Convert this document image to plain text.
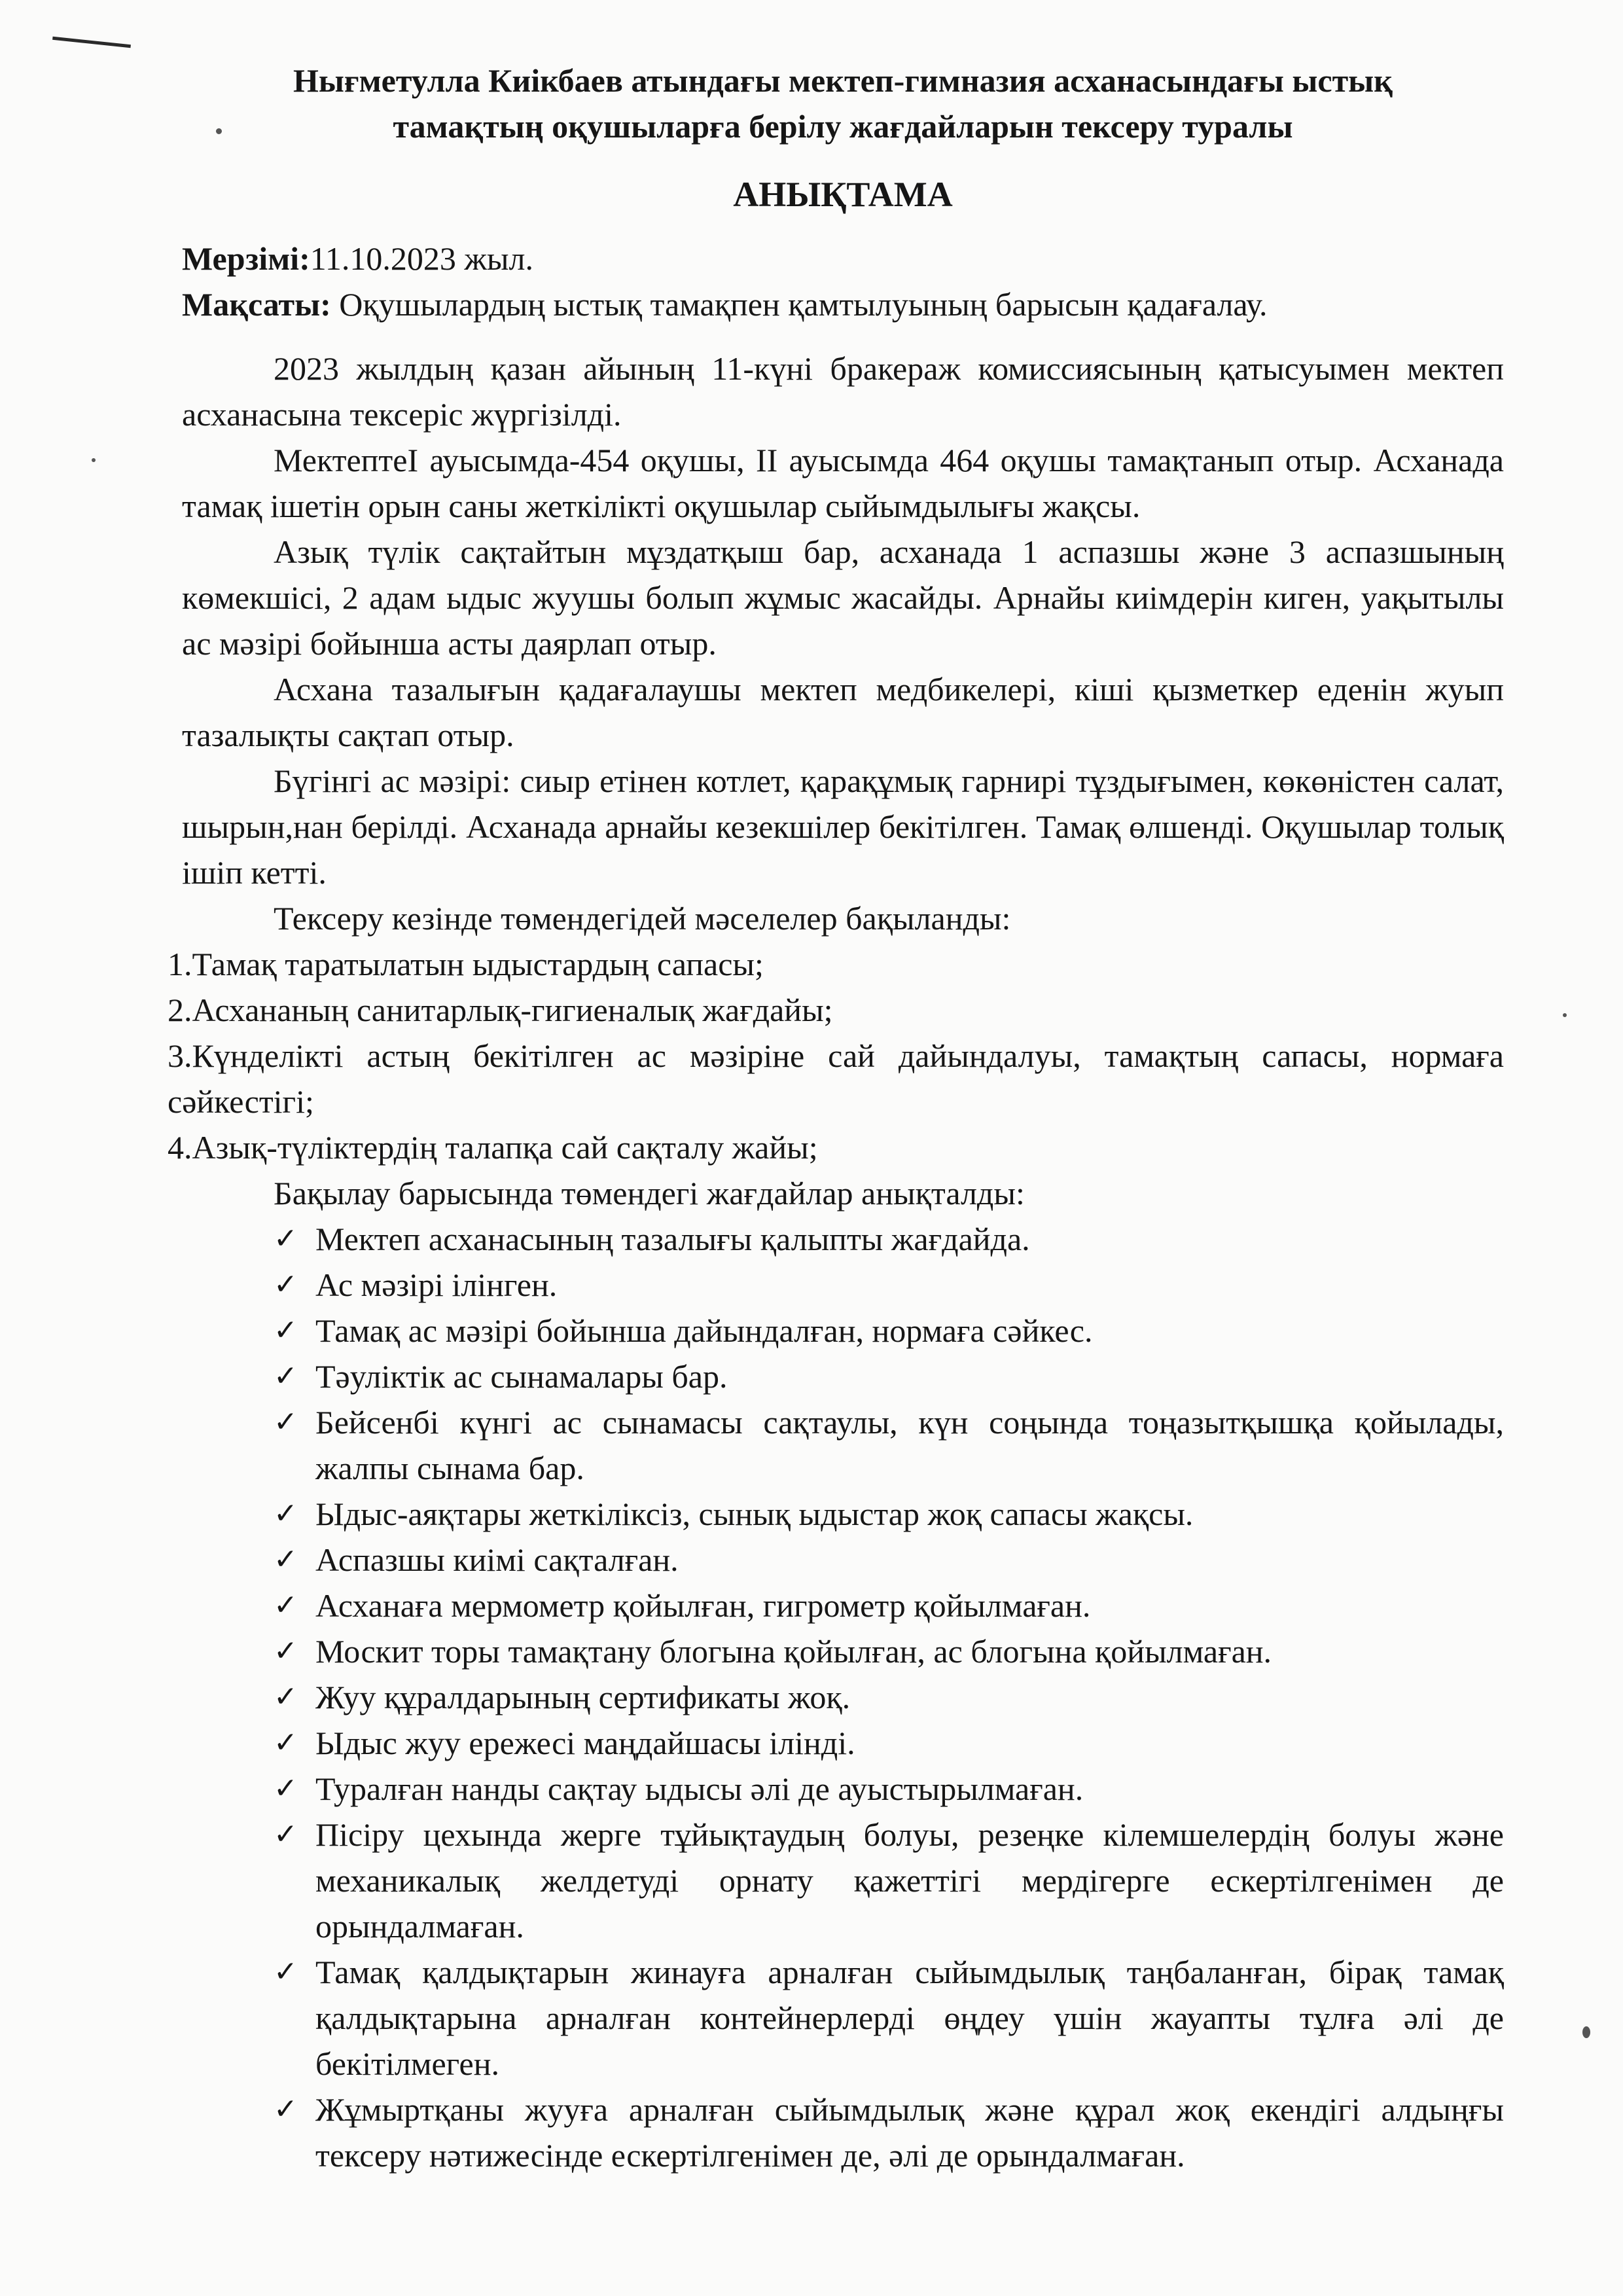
Нығметулла Киікбаев атындағы мектеп-гимназия асханасындағы ыстық
тамақтың оқушыларға берілу жағдайларын тексеру туралы

АНЫҚТАМА

Мерзімі:11.10.2023 жыл.

Мақсаты: Оқушылардың ыстық тамақпен қамтылуының барысын қадағалау.

2023 жылдың қазан айының 11-күні бракераж комиссиясының қатысуымен мектеп асханасына тексеріс жүргізілді.

МектептеІ ауысымда-454 оқушы, ІІ ауысымда 464 оқушы тамақтанып отыр. Асханада тамақ ішетін орын саны жеткілікті оқушылар сыйымдылығы жақсы.

Азық түлік сақтайтын мұздатқыш бар, асханада 1 аспазшы және 3 аспазшының көмекшісі, 2 адам ыдыс жуушы болып жұмыс жасайды. Арнайы киімдерін киген, уақытылы ас мәзірі бойынша асты даярлап отыр.

Асхана тазалығын қадағалаушы мектеп медбикелері, кіші қызметкер еденін жуып тазалықты сақтап отыр.

Бүгінгі ас мәзірі: сиыр етінен котлет, қарақұмық гарнирі тұздығымен, көкөністен салат, шырын,нан берілді. Асханада арнайы кезекшілер бекітілген. Тамақ өлшенді. Оқушылар толық ішіп кетті.

Тексеру кезінде төмендегідей мәселелер бақыланды:

1.Тамақ таратылатын ыдыстардың сапасы;
2.Асхананың санитарлық-гигиеналық жағдайы;
3.Күнделікті астың бекітілген ас мәзіріне сай дайындалуы, тамақтың сапасы, нормаға сәйкестігі;
4.Азық-түліктердің талапқа сай сақталу жайы;

Бақылау барысында төмендегі жағдайлар анықталды:

✓ Мектеп асханасының тазалығы қалыпты жағдайда.
✓ Ас мәзірі ілінген.
✓ Тамақ ас мәзірі бойынша дайындалған, нормаға сәйкес.
✓ Тәуліктік ас сынамалары бар.
✓ Бейсенбі күнгі ас сынамасы сақтаулы, күн соңында тоңазытқышқа қойылады, жалпы сынама бар.
✓ Ыдыс-аяқтары жеткіліксіз, сынық ыдыстар жоқ сапасы жақсы.
✓ Аспазшы киімі сақталған.
✓ Асханаға мермометр қойылған, гигрометр қойылмаған.
✓ Москит торы тамақтану блогына қойылған, ас блогына қойылмаған.
✓ Жуу құралдарының сертификаты жоқ.
✓ Ыдыс жуу ережесі маңдайшасы ілінді.
✓ Туралған нанды сақтау ыдысы әлі де ауыстырылмаған.
✓ Пісіру цехында жерге тұйықтаудың болуы, резеңке кілемшелердің болуы және механикалық желдетуді орнату қажеттігі мердігерге ескертілгенімен де орындалмаған.
✓ Тамақ қалдықтарын жинауға арналған сыйымдылық таңбаланған, бірақ тамақ қалдықтарына арналған контейнерлерді өңдеу үшін жауапты тұлға әлі де бекітілмеген.
✓ Жұмыртқаны жууға арналған сыйымдылық және құрал жоқ екендігі алдыңғы тексеру нәтижесінде ескертілгенімен де, әлі де орындалмаған.
